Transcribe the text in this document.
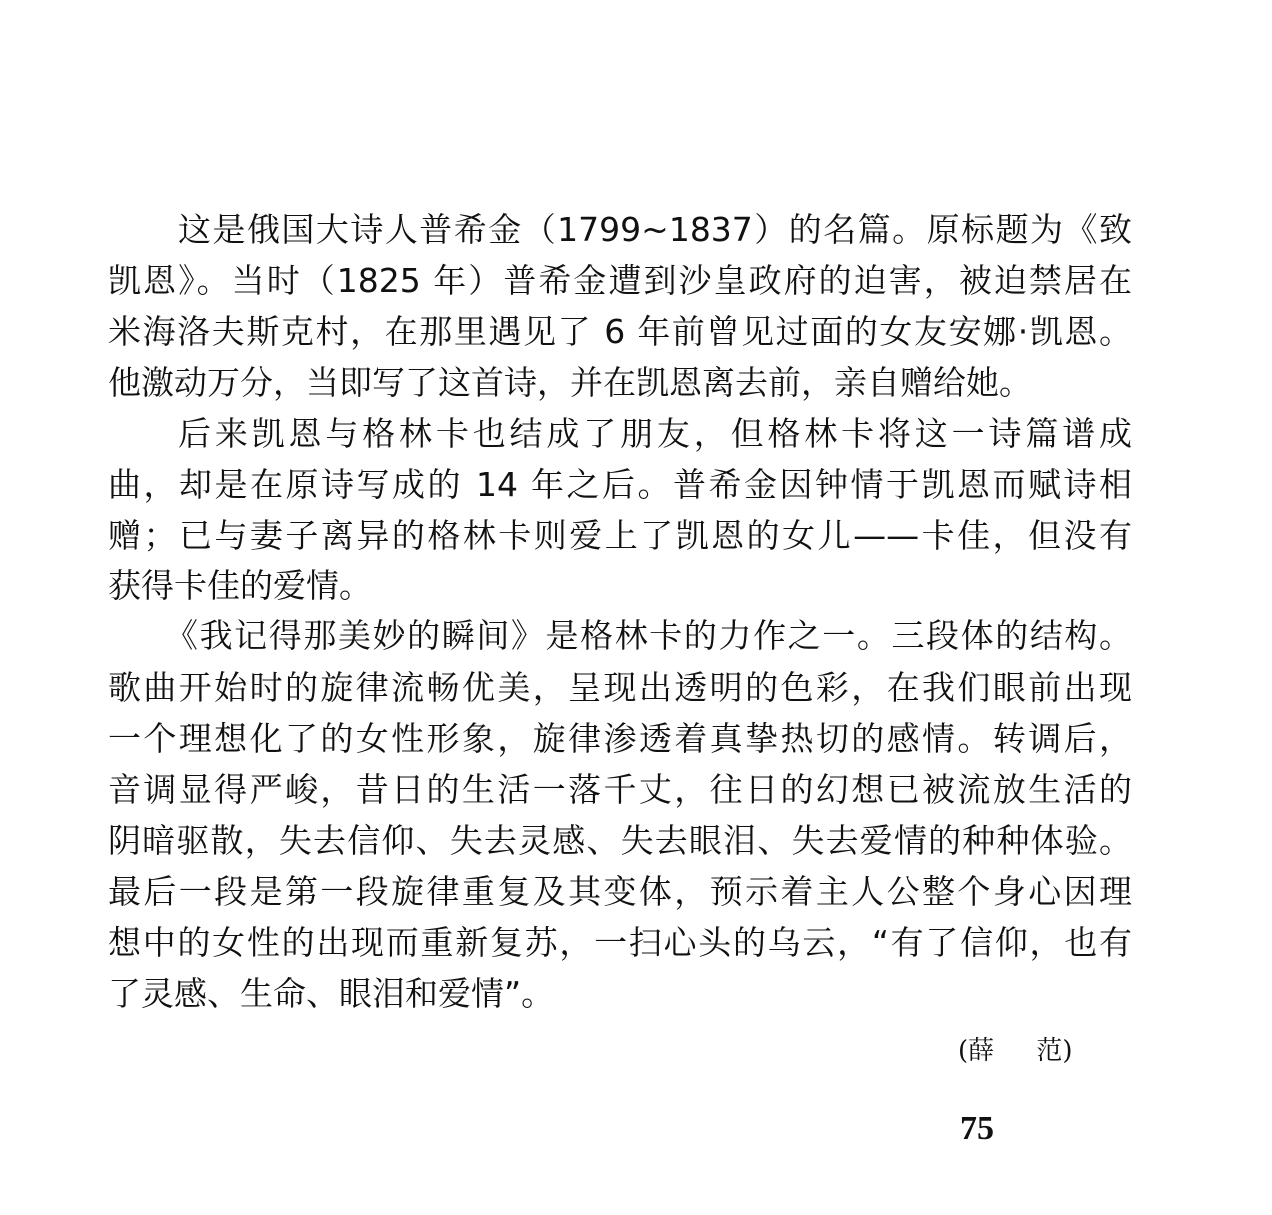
这是俄国大诗人普希金（1799~1837）的名篇。原标题为《致
凯恩》。当时（1825 年）普希金遭到沙皇政府的迫害，被迫禁居在
米海洛夫斯克村，在那里遇见了 6 年前曾见过面的女友安娜·凯恩。
他激动万分，当即写了这首诗，并在凯恩离去前，亲自赠给她。
后来凯恩与格林卡也结成了朋友，但格林卡将这一诗篇谱成
曲，却是在原诗写成的 14 年之后。普希金因钟情于凯恩而赋诗相
赠；已与妻子离异的格林卡则爱上了凯恩的女儿——卡佳，但没有
获得卡佳的爱情。
《我记得那美妙的瞬间》是格林卡的力作之一。三段体的结构。
歌曲开始时的旋律流畅优美，呈现出透明的色彩，在我们眼前出现
一个理想化了的女性形象，旋律渗透着真挚热切的感情。转调后，
音调显得严峻，昔日的生活一落千丈，往日的幻想已被流放生活的
阴暗驱散，失去信仰、失去灵感、失去眼泪、失去爱情的种种体验。
最后一段是第一段旋律重复及其变体，预示着主人公整个身心因理
想中的女性的出现而重新复苏，一扫心头的乌云，“有了信仰，也有
了灵感、生命、眼泪和爱情”。
(薛 范)
75
